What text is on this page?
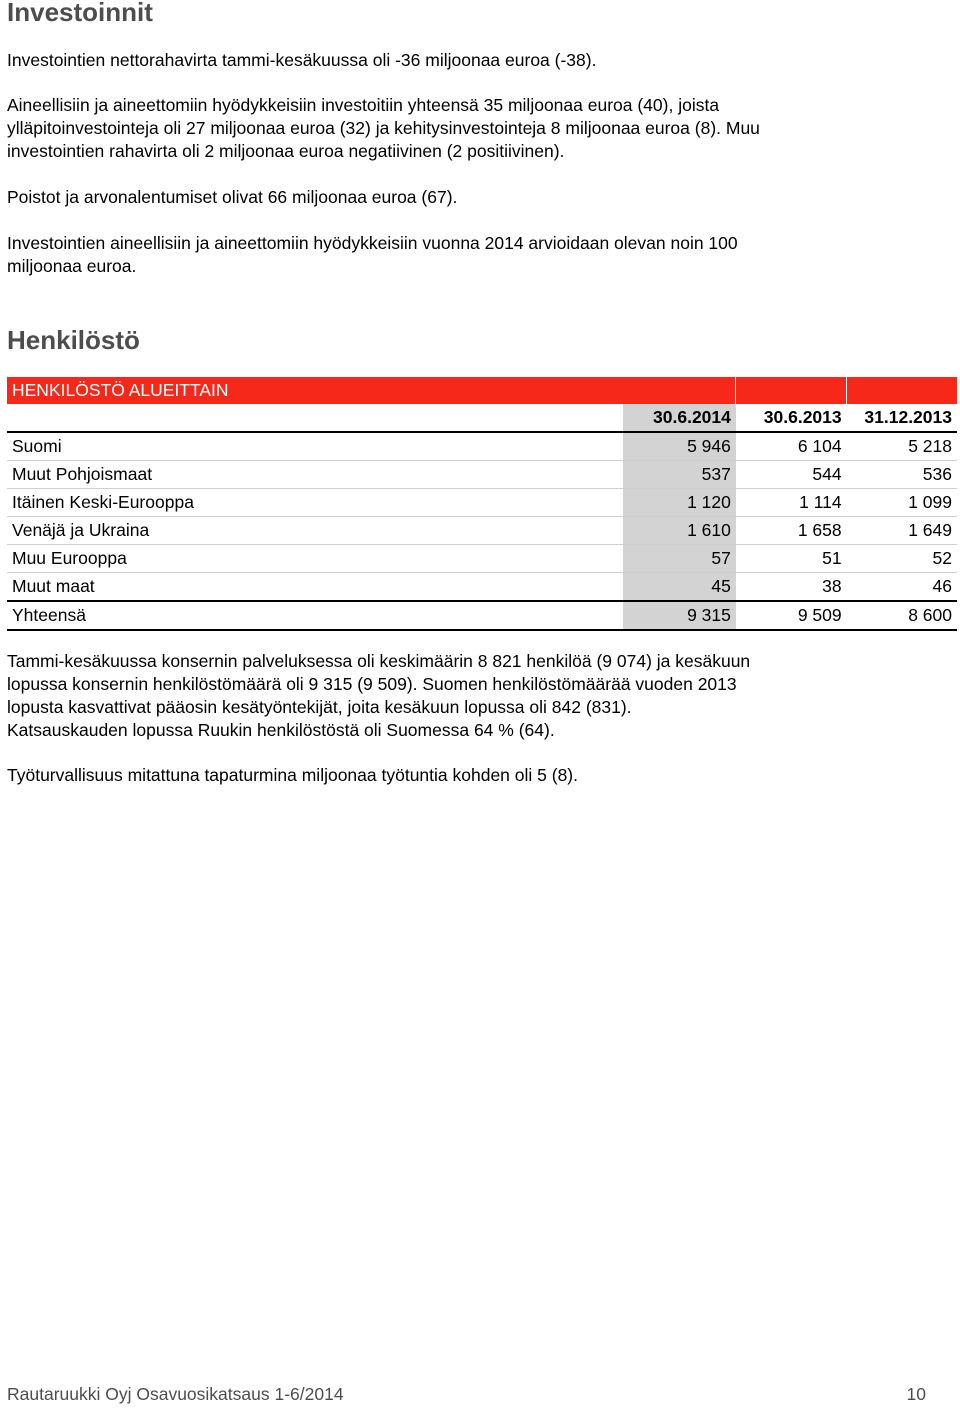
Investoinnit

Investointien nettorahavirta tammi-kesäkuussa oli -36 miljoonaa euroa (-38).

Aineellisiin ja aineettomiin hyödykkeisiin investoitiin yhteensä 35 miljoonaa euroa (40), joista
ylläpitoinvestointeja oli 27 miljoonaa euroa (32) ja kehitysinvestointeja 8 miljoonaa euroa (8). Muu
investointien rahavirta oli 2 miljoonaa euroa negatiivinen (2 positiivinen).

Poistot ja arvonalentumiset olivat 66 miljoonaa euroa (67).

Investointien aineellisiin ja aineettomiin hyödykkeisiin vuonna 2014 arvioidaan olevan noin 100
miljoonaa euroa.

Henkilöstö
HENKILÖSTÖ ALUEITTAIN			
	30.6.2014	30.6.2013	31.12.2013
Suomi	5 946	6 104	5 218
Muut Pohjoismaat	537	544	536
Itäinen Keski-Eurooppa	1 120	1 114	1 099
Venäjä ja Ukraina	1 610	1 658	1 649
Muu Eurooppa	57	51	52
Muut maat	45	38	46
Yhteensä	9 315	9 509	8 600

Tammi-kesäkuussa konsernin palveluksessa oli keskimäärin 8 821 henkilöä (9 074) ja kesäkuun
lopussa konsernin henkilöstömäärä oli 9 315 (9 509). Suomen henkilöstömäärää vuoden 2013
lopusta kasvattivat pääosin kesätyöntekijät, joita kesäkuun lopussa oli 842 (831).
Katsauskauden lopussa Ruukin henkilöstöstä oli Suomessa 64 % (64).

Työturvallisuus mitattuna tapaturmina miljoonaa työtuntia kohden oli 5 (8).

Rautaruukki Oyj Osavuosikatsaus 1-6/2014	10
